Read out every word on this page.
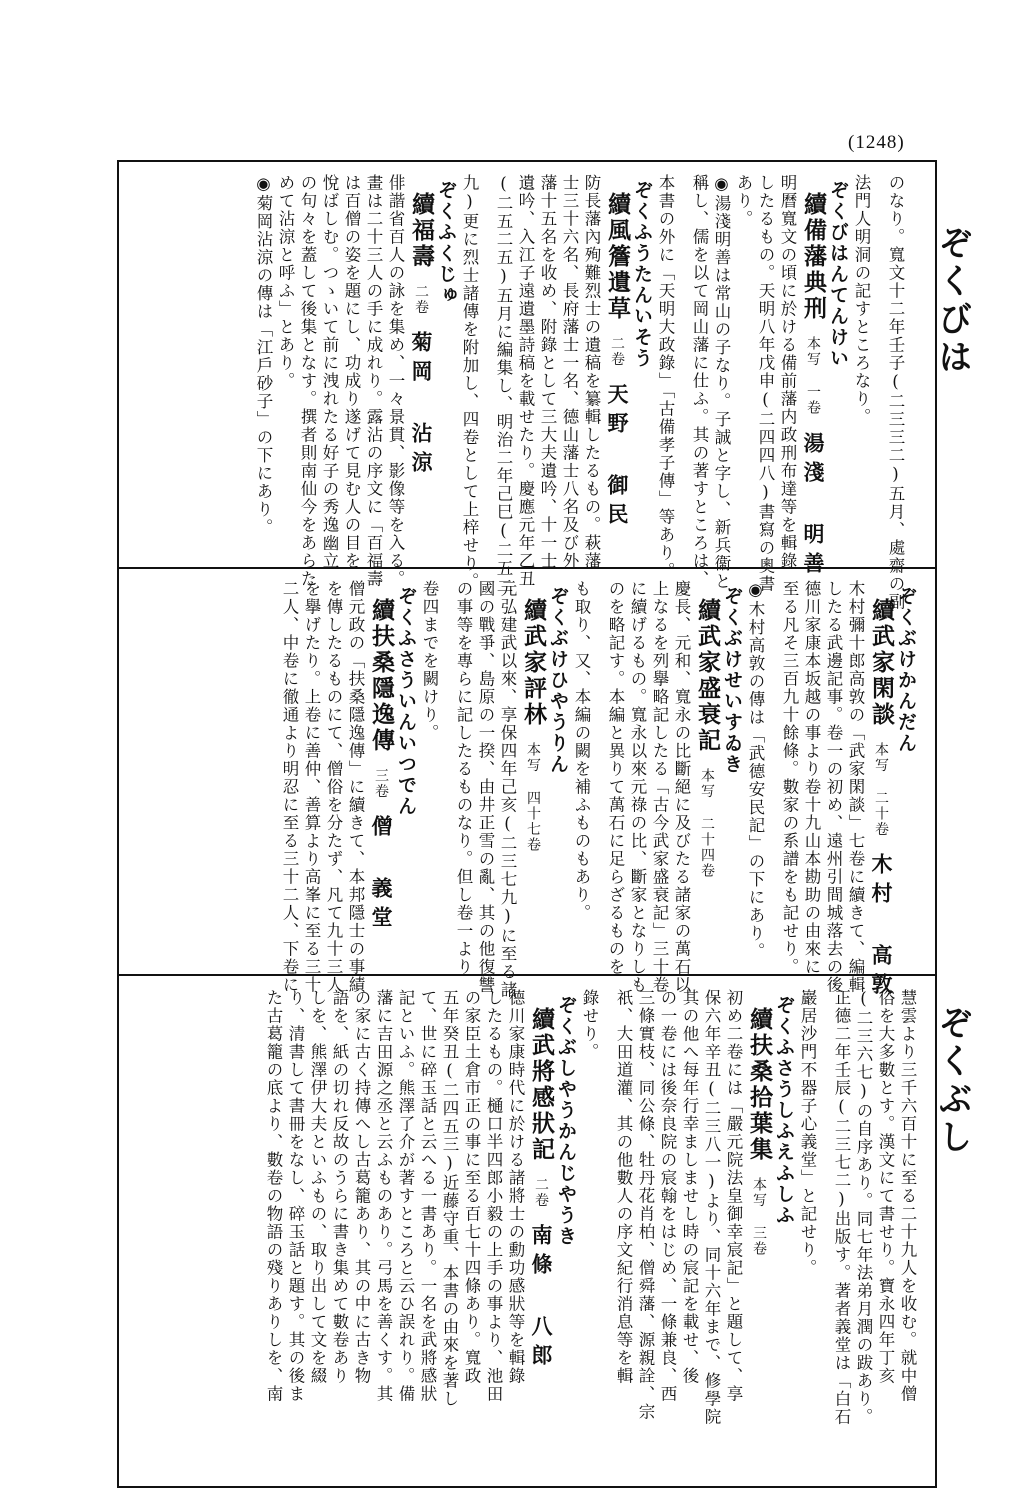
(1248)
ぞくびは
ぞくぶし
のなり。寬文十二年壬子(二三三二)五月、處齋の副
法門人明洞の記すところなり。
ぞくびはんてんけい
續備藩典刑本写 一卷湯淺 明善
明曆寬文の頃に於ける備前藩内政刑布達等を輯錄
したるもの。天明八年戊申(二四四八)書寫の奧書
あり。
◉湯淺明善は常山の子なり。子誠と字し、新兵衞と
稱し、儒を以て岡山藩に仕ふ。其の著すところは、
本書の外に「天明大政錄」「古備孝子傳」等あり。
ぞくふうたんいそう
續風簷遺草二卷天野 御民
防長藩內殉難烈士の遺稿を纂輯したるもの。萩藩
士三十六名、長府藩士一名、德山藩士八名及び外
藩十五名を收め、附錄として三大夫遺吟、十一士
遺吟、入江子遠遺墨詩稿を載せたり。慶應元年乙丑
(二五二五)五月に編集し、明治二年己巳(二五二
九)更に烈士諸傳を附加し、四卷として上梓せり。
ぞくふくじゅ
續福壽二卷菊岡 沾涼
俳諧省百人の詠を集め、一々景貫、影像等を入る。
畫は二十三人の手に成れり。露沾の序文に「百福壽
は百僧の姿を題にし、功成り遂げて見む人の目を
悅ばしむ。つゝいて前に洩れたる好子の秀逸幽立
の句々を蓋して後集となす。撰者則南仙今をあらた
めて沾涼と呼ふ」とあり。
◉菊岡沾涼の傳は「江戶砂子」の下にあり。
ぞくぶけかんだん
續武家閑談本写 二十卷木村 高敦
木村彌十郎高敦の「武家閑談」七卷に續きて、編輯
したる武邊記事。卷一の初め、遠州引間城落去の後
德川家康本坂越の事より卷十九山本勘助の由來に
至る凡そ三百九十餘條。數家の系譜をも記せり。
◉木村高敦の傳は「武德安民記」の下にあり。
ぞくぶけせいすゐき
續武家盛衰記本写 二十四卷
慶長、元和、寬永の比斷絕に及びたる諸家の萬石以
上なるを列擧略記したる「古今武家盛衰記」三十卷
に續げるもの。寬永以來元祿の比、斷家となりしも
のを略記す。本編と異りて萬石に足らざるものを
も取り、又、本編の闕を補ふものもあり。
ぞくぶけひやうりん
續武家評林本写 四十七卷
元弘建武以來、享保四年己亥(二三七九)に至る諸
國の戰爭、島原の一揆、由井正雪の亂、其の他復讐
の事等を專らに記したるものなり。但し卷一より
卷四までを闕けり。
ぞくふさういんいつでん
續扶桑隱逸傳三卷僧 義堂
僧元政の「扶桑隱逸傳」に續きて、本邦隱士の事績
を傳したるものにて、僧俗を分たず、凡て九十三人
を擧げたり。上卷に善仲、善算より高峯に至る三十
二人、中卷に徹通より明忍に至る三十二人、下卷に
慧雲より三千六百十に至る二十九人を收む。就中僧
俗を大多數とす。漢文にて書せり。寶永四年丁亥
(二三六七)の自序あり。同七年法弟月潤の跋あり。
正德二年壬辰(二三七二)出版す。著者義堂は「白石
巖居沙門不器子心義堂」と記せり。
ぞくふさうしふえふしふ
續扶桑拾葉集本写 三卷
初め二卷には「嚴元院法皇御幸宸記」と題して、享
保六年辛丑(二三八一)より、同十六年まで、修學院
其の他へ每年行幸ましませし時の宸記を載せ、後
の一卷には後奈良院の宸翰をはじめ、一條兼良、西
三條實枝、同公條、牡丹花肖柏、僧舜藩、源親詮、宗
祇、大田道灌、其の他數人の序文紀行消息等を輯
錄せり。
ぞくぶしやうかんじやうき
續武將感狀記二卷南條 八郎
德川家康時代に於ける諸將士の勳功感狀等を輯錄
したるもの。樋口半四郎小毅の上手の事より、池田
の家臣土倉市正の事に至る百七十四條あり。寬政
五年癸丑(二四五三)近藤守重、本書の由來を著し
て、世に碎玉話と云へる一書あり。一名を武將感狀
記といふ。熊澤了介が著すところと云ひ誤れり。備
藩に吉田源之丞と云ふものあり。弓馬を善くす。其
の家に古く持傳へし古葛籠あり、其の中に古き物
語を、紙の切れ反故のうらに書き集めて數卷あり
しを、熊澤伊大夫といふもの、取り出して文を綴
り、清書して書冊をなし、碎玉話と題す。其の後ま
た古葛籠の底より、數卷の物語の殘りありしを、南
